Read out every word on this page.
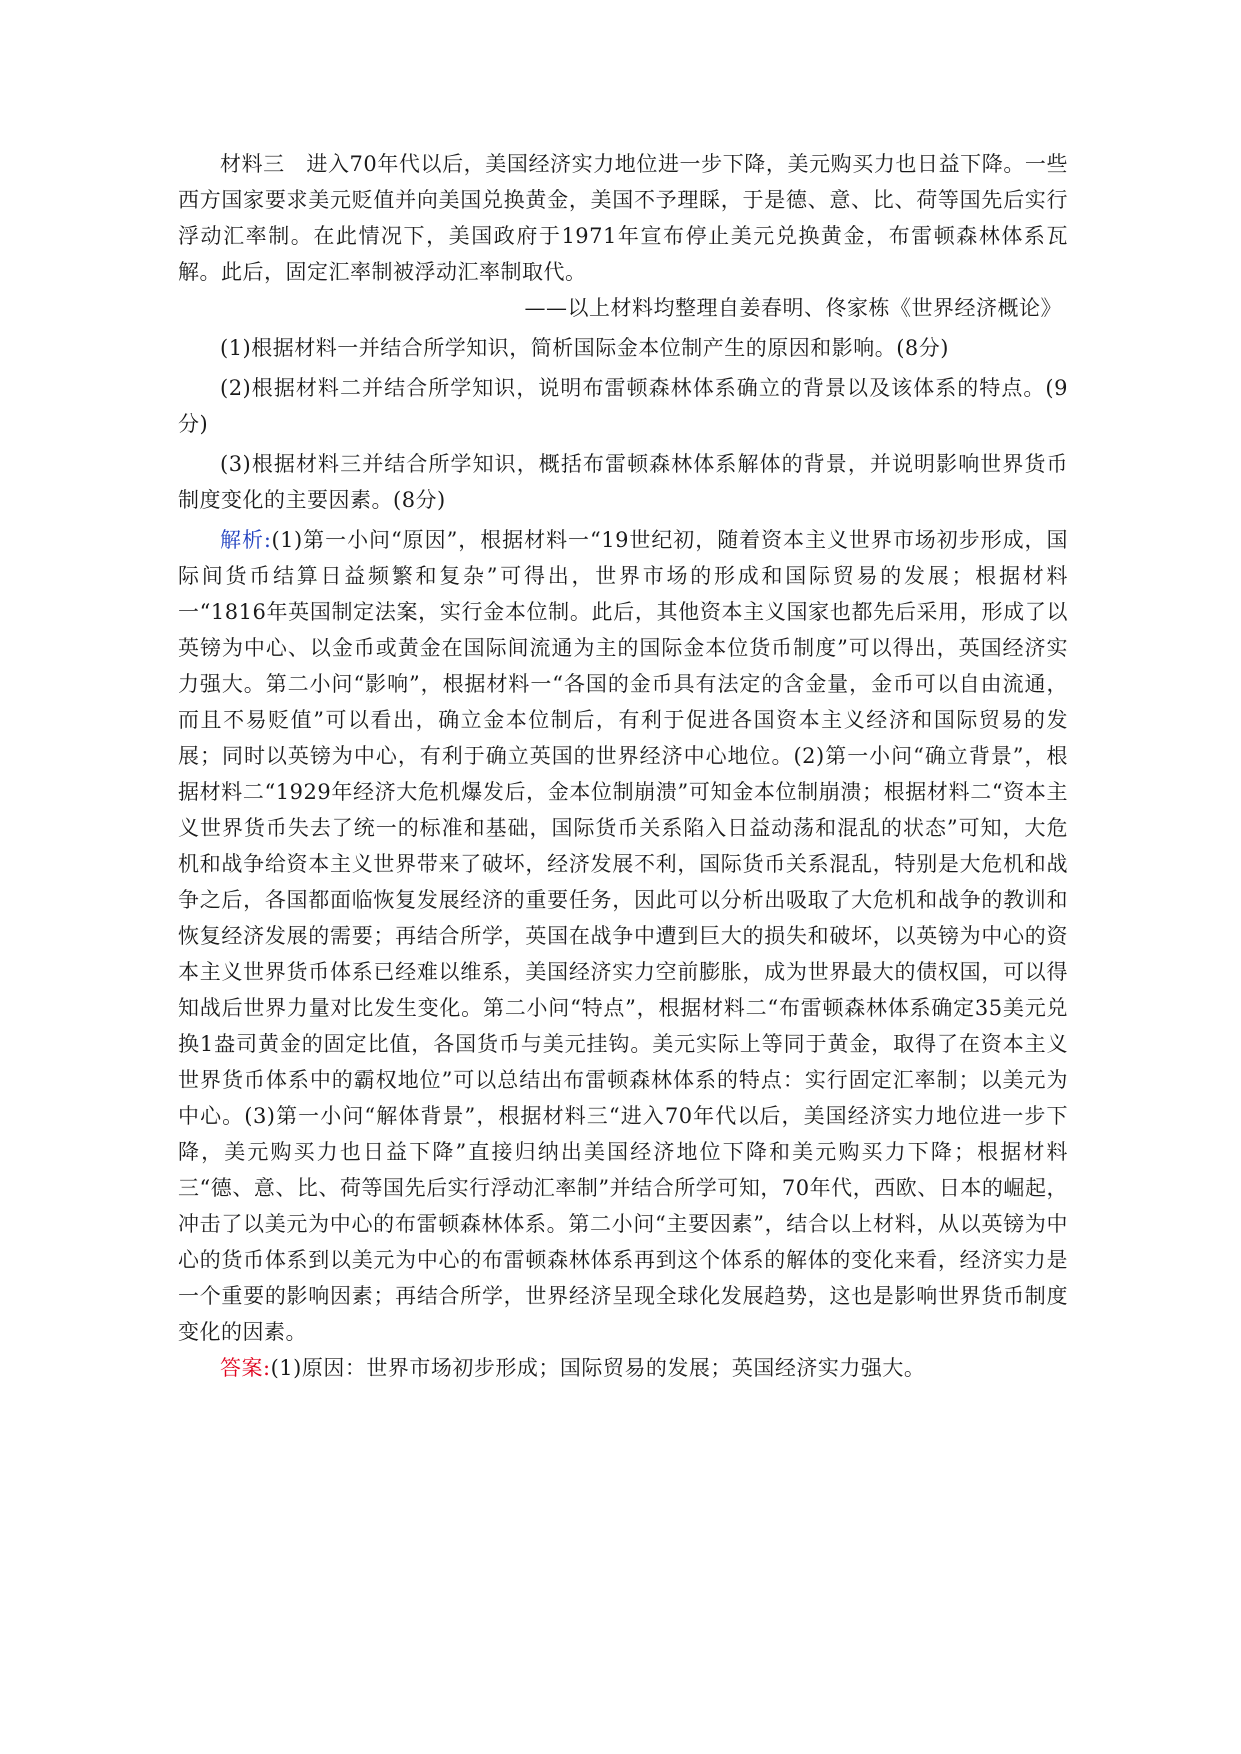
材料三　 进入70年代以后，美国经济实力地位进一步下降，美元购买力也日益下降。一些西方国家要求美元贬值并向美国兑换黄金，美国不予理睬，于是德、意、比、荷等国先后实行浮动汇率制。在此情况下，美国政府于1971年宣布停止美元兑换黄金，布雷顿森林体系瓦解。此后，固定汇率制被浮动汇率制取代。

——以上材料均整理自姜春明、佟家栋《世界经济概论》

(1)根据材料一并结合所学知识，简析国际金本位制产生的原因和影响。(8分)

(2)根据材料二并结合所学知识，说明布雷顿森林体系确立的背景以及该体系的特点。(9分)

(3)根据材料三并结合所学知识，概括布雷顿森林体系解体的背景，并说明影响世界货币制度变化的主要因素。(8分)

解析:(1)第一小问“原因”，根据材料一“19世纪初，随着资本主义世界市场初步形成，国际间货币结算日益频繁和复杂”可得出，世界市场的形成和国际贸易的发展；根据材料一“1816年英国制定法案，实行金本位制。此后，其他资本主义国家也都先后采用，形成了以英镑为中心、以金币或黄金在国际间流通为主的国际金本位货币制度”可以得出，英国经济实力强大。第二小问“影响”，根据材料一“各国的金币具有法定的含金量，金币可以自由流通，而且不易贬值”可以看出，确立金本位制后，有利于促进各国资本主义经济和国际贸易的发展；同时以英镑为中心，有利于确立英国的世界经济中心地位。(2)第一小问“确立背景”，根据材料二“1929年经济大危机爆发后，金本位制崩溃”可知金本位制崩溃；根据材料二“资本主义世界货币失去了统一的标准和基础，国际货币关系陷入日益动荡和混乱的状态”可知，大危机和战争给资本主义世界带来了破坏，经济发展不利，国际货币关系混乱，特别是大危机和战争之后，各国都面临恢复发展经济的重要任务，因此可以分析出吸取了大危机和战争的教训和恢复经济发展的需要；再结合所学，英国在战争中遭到巨大的损失和破坏，以英镑为中心的资本主义世界货币体系已经难以维系，美国经济实力空前膨胀，成为世界最大的债权国，可以得知战后世界力量对比发生变化。第二小问“特点”，根据材料二“布雷顿森林体系确定35美元兑换1盎司黄金的固定比值，各国货币与美元挂钩。美元实际上等同于黄金，取得了在资本主义世界货币体系中的霸权地位”可以总结出布雷顿森林体系的特点：实行固定汇率制；以美元为中心。(3)第一小问“解体背景”，根据材料三“进入70年代以后，美国经济实力地位进一步下降，美元购买力也日益下降”直接归纳出美国经济地位下降和美元购买力下降；根据材料三“德、意、比、荷等国先后实行浮动汇率制”并结合所学可知，70年代，西欧、日本的崛起，冲击了以美元为中心的布雷顿森林体系。第二小问“主要因素”，结合以上材料，从以英镑为中心的货币体系到以美元为中心的布雷顿森林体系再到这个体系的解体的变化来看，经济实力是一个重要的影响因素；再结合所学，世界经济呈现全球化发展趋势，这也是影响世界货币制度变化的因素。

答案:(1)原因：世界市场初步形成；国际贸易的发展；英国经济实力强大。
